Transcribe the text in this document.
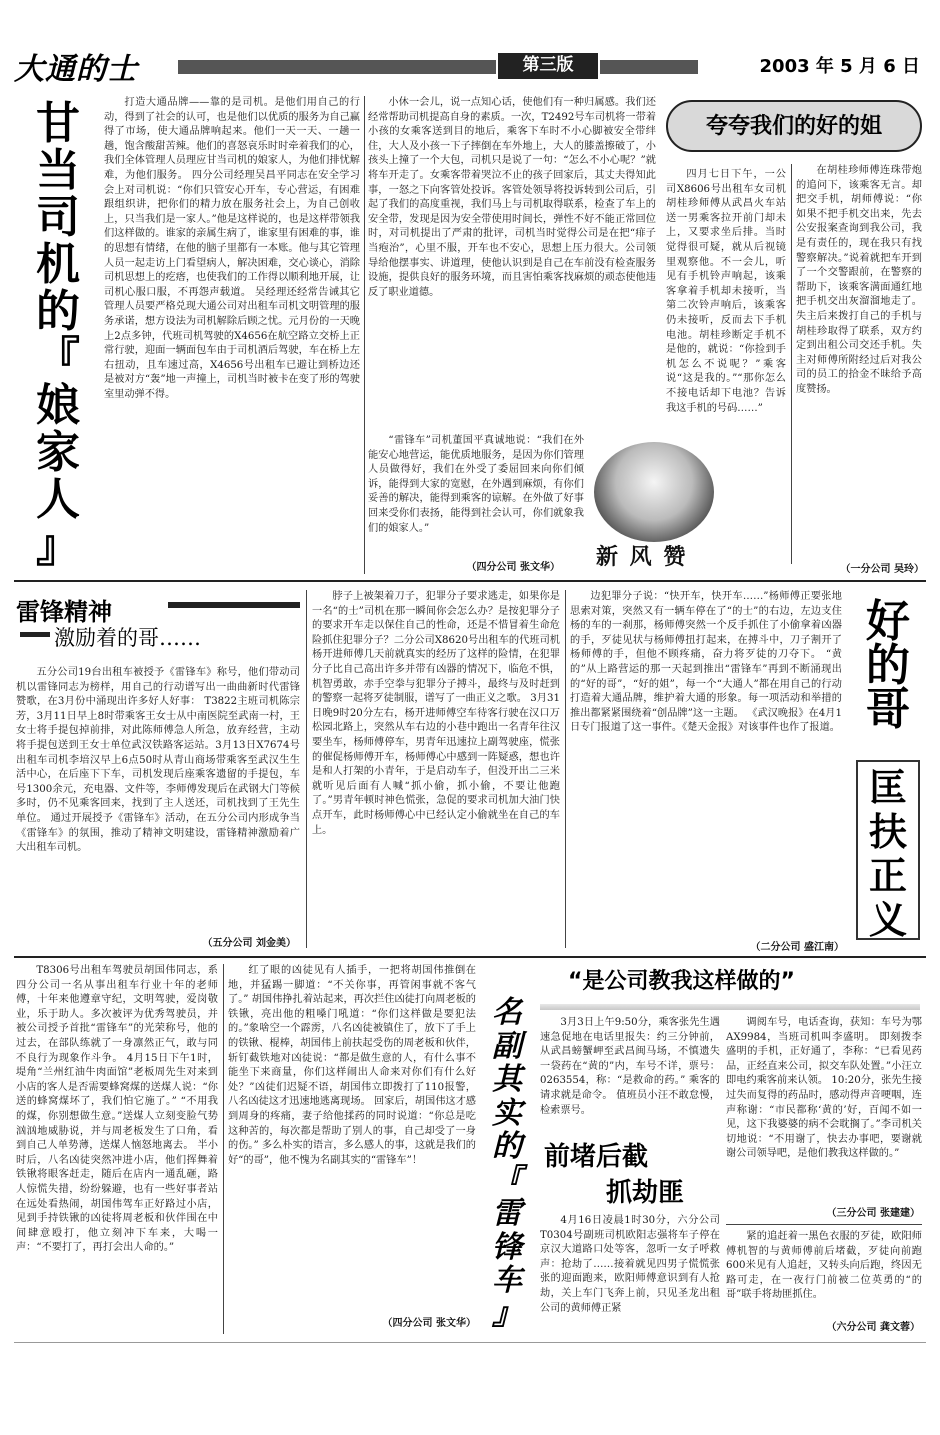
大通的士	第三版	2003 年 5 月 6 日
甘
当
司
机
的
『
娘
家
人
』

打造大通品牌——靠的是司机。是他们用自己的行动，得到了社会的认可，也是他们以优质的服务为自己赢得了市场，使大通品牌响起来。他们一天一天、一趟一趟，饱含酸甜苦辣。他们的喜怒哀乐时时牵着我们的心，我们全体管理人员理应甘当司机的娘家人，为他们排忧解难，为他们服务。 四分公司经理吴昌平同志在安全学习会上对司机说：“你们只管安心开车，专心营运，有困难跟组织讲，把你们的精力放在服务社会上，为自己创收上，只当我们是一家人。”他是这样说的，也是这样带领我们这样做的。谁家的亲属生病了，谁家里有困难的事，谁的思想有情绪，在他的脑子里都有一本账。他与其它管理人员一起走访上门看望病人，解决困难，交心谈心，消除司机思想上的疙瘩，也使我们的工作得以顺利地开展，让司机心服口服，不再怨声载道。 吴经理还经常告诫其它管理人员要严格兑现大通公司对出租车司机文明管理的服务承诺，想方设法为司机解除后顾之忧。元月份的一天晚上2点多钟，代班司机驾驶的X4656在航空路立交桥上正常行驶，迎面一辆面包车由于司机酒后驾驶，车在桥上左右扭动，且车速过高，X4656号出租车已避让到桥边还是被对方“轰”地一声撞上，司机当时被卡在变了形的驾驶室里动弹不得。

小休一会儿，说一点知心话，使他们有一种归属感。我们还经常帮助司机提高自身的素质。一次，T2492号车司机将一带着小孩的女乘客送到目的地后，乘客下车时不小心脚被安全带绊住，大人及小孩一下子摔倒在车外地上，大人的膝盖擦破了，小孩头上撞了一个大包，司机只是说了一句：“怎么不小心呢？”就将车开走了。女乘客带着哭泣不止的孩子回家后，其丈夫得知此事，一怒之下向客管处投诉。客管处领导将投诉转到公司后，引起了我们的高度重视，我们马上与司机取得联系，检查了车上的安全带，发现是因为安全带使用时间长，弹性不好不能正常回位时，对司机提出了严肃的批评，司机当时觉得公司是在把“痱子当疱治”，心里不服，开车也不安心，思想上压力很大。公司领导给他摆事实、讲道理，使他认识到是自己在车前没有检查服务设施，提供良好的服务环境，而且害怕乘客找麻烦的顽态使他违反了职业道德。

“雷锋车”司机董国平真诚地说：“我们在外能安心地营运，能优质地服务，是因为你们管理人员做得好，我们在外受了委屈回来向你们倾诉，能得到大家的宽慰，在外遇到麻烦，有你们妥善的解决，能得到乘客的谅解。在外做了好事回来受你们表扬，能得到社会认可，你们就象我们的娘家人。”

（四分公司 张文华） 新 风 赞
夸夸我们的好的姐

四月七日下午，一公司X8606号出租车女司机胡桂珍师傅从武昌火车站送一男乘客拉开前门却未上，又要求坐后排。当时觉得很可疑，就从后视镜里观察他。不一会儿，听见有手机铃声响起，该乘客拿着手机却未接听，当第二次铃声响后，该乘客仍未接听，反而去下手机电池。胡桂珍断定手机不是他的，就说：“你捡到手机怎么不说呢？”乘客说“这是我的。”“那你怎么不接电话却下电池？告诉我这手机的号码……”

在胡桂珍师傅连珠带炮的追问下，该乘客无言。却把交手机，胡师傅说：“你如果不把手机交出来，先去公安报案查询到我公司，我是有责任的，现在我只有找警察解决。”说着就把车开到了一个交警跟前，在警察的帮助下，该乘客满面通红地把手机交出灰溜溜地走了。 失主后来拨打自己的手机与胡桂珍取得了联系，双方约定到出租公司交还手机。失主对师傅所附经过后对我公司的员工的拾金不昧给予高度赞扬。

（一分公司 吴玲）
雷锋精神
激励着的哥……

五分公司19台出租车被授予《雷锋车》称号，他们带动司机以雷锋同志为榜样，用自己的行动谱写出一曲曲新时代雷锋赞歌，在3月份中涌现出许多好人好事： T3822主班司机陈宗芳，3月11日早上8时带乘客王女士从中南医院至武南一村，王女士将手提包掉前排，对此陈师傅急人所急，放弃经营，主动将手提包送到王女士单位武汉铁路客运站。3月13日X7674号出租车司机李培汉早上6点50时从青山商场带乘客至武汉生生活中心，在后座下下车，司机发现后座乘客遗留的手提包，车号1300余元，充电器、文件等，李师傅发现后在武钢大门等候多时，仍不见乘客回来，找到了主人送还，司机找到了王先生单位。 通过开展授予《雷锋车》活动，在五分公司内形成争当《雷锋车》的氛围，推动了精神文明建设，雷锋精神激励着广大出租车司机。

（五分公司 刘金美）

脖子上被架着刀子，犯罪分子要求逃走，如果你是一名“的士”司机在那一瞬间你会怎么办？是按犯罪分子的要求开车走以保住自己的性命，还是不惜冒着生命危险抓住犯罪分子？二分公司X8620号出租车的代班司机杨开进师傅几天前就真实的经历了这样的险情，在犯罪分子比自己高出许多并带有凶器的情况下，临危不惧，机智勇敢，赤手空拳与犯罪分子搏斗，最终与及时赶到的警察一起将歹徒制服，谱写了一曲正义之歌。 3月31日晚9时20分左右，杨开进师傅空车待客行驶在汉口万松园北路上，突然从车右边的小巷中跑出一名青年往汉要坐车，杨师傅停车，男青年迅速拉上副驾驶座，慌张的催促杨师傅开车，杨师傅心中感到一阵疑惑，想也许是和人打架的小青年，于是启动车子，但没开出二三米就听见后面有人喊“抓小偷，抓小偷，不要让他跑了。”男青年顿时神色慌张，急促的要求司机加大油门快点开车，此时杨师傅心中已经认定小偷就坐在自己的车上。

边犯罪分子说：“快开车，快开车……”杨师傅正要张地思索对策，突然又有一辆车停在了“的士”的右边，左边支住杨的车的一刹那，杨师傅突然一个反手抓住了小偷拿着凶器的手，歹徒见状与杨师傅扭打起来，在搏斗中，刀子割开了杨师傅的手，但他不顾疼痛，奋力将歹徒的刀夺下。 “黄的”从上路营运的那一天起到推出“雷锋车”再到不断涌现出的“好的哥”，“好的姐”，每一个“大通人”都在用自己的行动打造着大通品牌，维护着大通的形象。每一项活动和举措的推出都紧紧围绕着“创品牌”这一主题。 《武汉晚报》在4月1日专门报道了这一事件。《楚天金报》对该事件也作了报道。

（二分公司 盛江南）
好
的
哥
匡
扶
正
义

T8306号出租车驾驶员胡国伟同志，系四分公司一名从事出租车行业十年的老师傅，十年来他遵章守纪，文明驾驶，爱岗敬业，乐于助人。多次被评为优秀驾驶员，并被公司授予首批“雷锋车”的光荣称号，他的过去，在部队练就了一身凛然正气，敢与同不良行为现象作斗争。 4月15日下午1时，堤角“兰州红油牛肉面馆”老板周先生对来到小店的客人是否需要蜂窝煤的送煤人说：“你送的蜂窝煤坏了，我们怕它施了。” “不用我的煤，你别想做生意。”送煤人立刻变脸气势汹汹地威胁说，并与周老板发生了口角，看到自己人单势薄，送煤人恼怒地离去。 半小时后，八名凶徒突然冲进小店，他们挥舞着铁锹将眼客赶走，随后在店内一通乱砸，路人惊慌失措，纷纷躲避，也有一些好事者站在远处看热闹，胡国伟驾车正好路过小店，见到手持铁锹的凶徒将周老板和伙伴围在中间肆意殴打，他立刻冲下车来，大喝一声：“不要打了，再打会出人命的。”

红了眼的凶徒见有人插手，一把将胡国伟推倒在地，并猛踢一脚道：“不关你事，再管闲事就不客气了。” 胡国伟挣扎着站起来，再次拦住凶徒打向周老板的铁锹，亮出他的粗嗓门吼道：“你们这样做是要犯法的。”象啥空一个霹雳，八名凶徒被镇住了，放下了手上的铁锹、棍棒，胡国伟上前扶起受伤的周老板和伙伴，斩钉截铁地对凶徒说：“都是做生意的人，有什么事不能坐下来商量，你们这样闹出人命来对你们有什么好处？”凶徒们迟疑不语，胡国伟立即拨打了110报警，八名凶徒这才迅速地逃离现场。 回家后，胡国伟这才感到周身的疼痛，妻子给他揉药的同时说道：“你总是吃这种苦的，每次都是帮助了别人的事，自己却受了一身的伤。” 多么朴实的语言，多么感人的事，这就是我们的好“的哥”，他不愧为名副其实的“雷锋车”！

（四分公司 张文华）
名
副
其
实
的
『
雷
锋
车
』
“是公司教我这样做的”

3月3日上午9:50分，乘客张先生遇速急促地在电话里报失：约三分钟前，从武昌螃蟹岬至武昌闽马场，不慎遗失一袋药在“黄的”内，车号不详，票号：0263554，称：“是救命的药。” 乘客的请求就是命令。 值班员小汪不敢怠慢，检索票号。

调阅车号，电话查询，获知：车号为鄂AX9984，当班司机叫李盛明。 即刻拨李盛明的手机，正好通了，李称：“已看见药品，正经直来公司，拟交车队处置。”小汪立即电约乘客前来认领。 10:20分，张先生接过失而复得的药品时，感动得声音哽咽，连声称谢：“市民都称‘黄的’好，百闻不如一见，这下我婆婆的病不会耽搁了。”李司机关切地说：“不用谢了，快去办事吧，要谢就谢公司领导吧，是他们教我这样做的。”

（三分公司 张建建）
前堵后截
抓劫匪

4月16日凌晨1时30分，六分公司T0304号副班司机欧阳志强将车子停在京汉大道路口处等客，忽听一女子呼救声：抢劫了……接着就见四男子慌慌张张的迎面跑来，欧阳师傅意识到有人抢劫，关上车门飞奔上前，只见圣龙出租公司的黄师傅正紧

紧的追赶着一黑色衣服的歹徒，欧阳师傅机智的与黄师傅前后堵截，歹徒向前跑600米见有人追赶，又转头向后跑，终因无路可走，在一夜行门前被二位英勇的“的哥”联手将劫匪抓住。

（六分公司 龚文蓉）
